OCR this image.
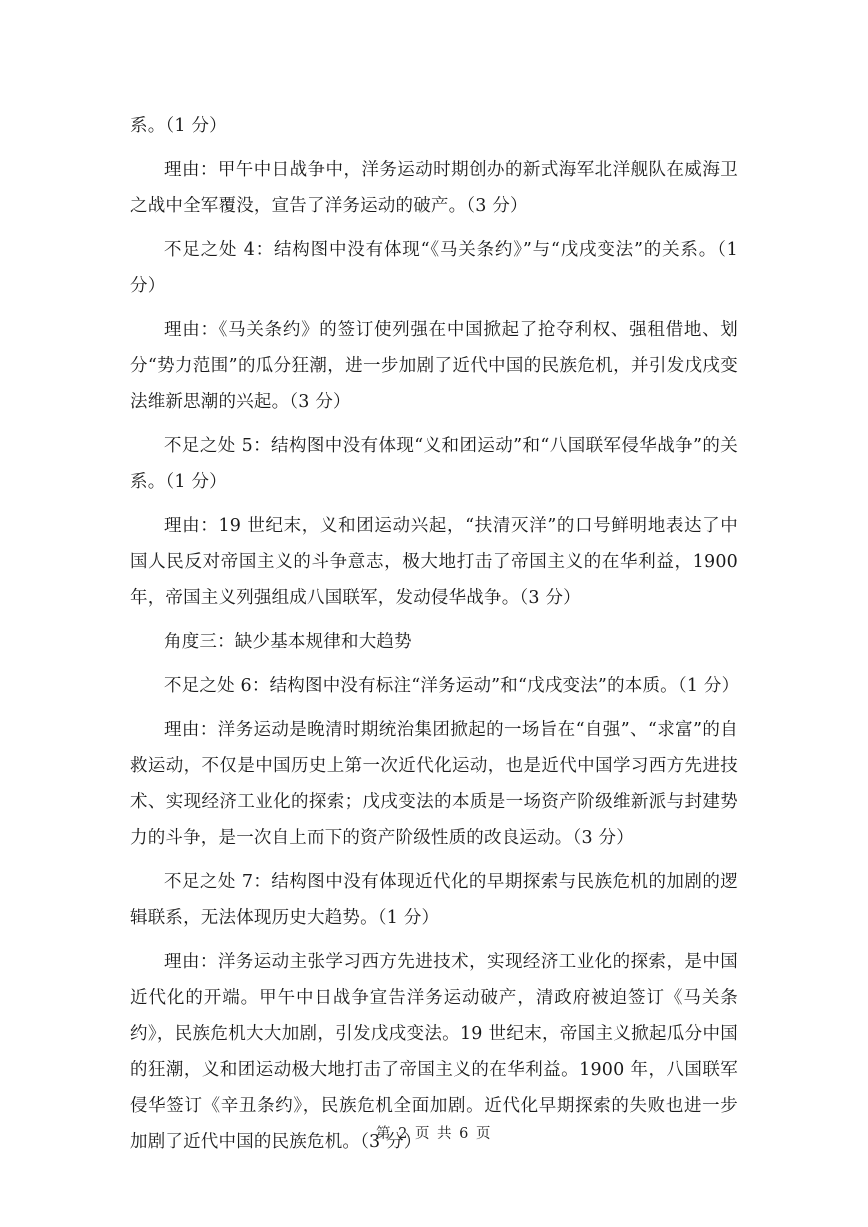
系。（1 分）

理由：甲午中日战争中，洋务运动时期创办的新式海军北洋舰队在威海卫之战中全军覆没，宣告了洋务运动的破产。（3 分）

不足之处 4：结构图中没有体现“《马关条约》”与“戊戌变法”的关系。（1 分）

理由：《马关条约》的签订使列强在中国掀起了抢夺利权、强租借地、划分“势力范围”的瓜分狂潮，进一步加剧了近代中国的民族危机，并引发戊戌变法维新思潮的兴起。（3 分）

不足之处 5：结构图中没有体现“义和团运动”和“八国联军侵华战争”的关系。（1 分）

理由：19 世纪末，义和团运动兴起，“扶清灭洋”的口号鲜明地表达了中国人民反对帝国主义的斗争意志，极大地打击了帝国主义的在华利益，1900 年，帝国主义列强组成八国联军，发动侵华战争。（3 分）

角度三：缺少基本规律和大趋势

不足之处 6：结构图中没有标注“洋务运动”和“戊戌变法”的本质。（1 分）

理由：洋务运动是晚清时期统治集团掀起的一场旨在“自强”、“求富”的自救运动，不仅是中国历史上第一次近代化运动，也是近代中国学习西方先进技术、实现经济工业化的探索；戊戌变法的本质是一场资产阶级维新派与封建势力的斗争，是一次自上而下的资产阶级性质的改良运动。（3 分）

不足之处 7：结构图中没有体现近代化的早期探索与民族危机的加剧的逻辑联系，无法体现历史大趋势。（1 分）

理由：洋务运动主张学习西方先进技术，实现经济工业化的探索，是中国近代化的开端。甲午中日战争宣告洋务运动破产，清政府被迫签订《马关条约》，民族危机大大加剧，引发戊戌变法。19 世纪末，帝国主义掀起瓜分中国的狂潮，义和团运动极大地打击了帝国主义的在华利益。1900 年，八国联军侵华签订《辛丑条约》，民族危机全面加剧。近代化早期探索的失败也进一步加剧了近代中国的民族危机。（3 分）

第 2 页 共 6 页
